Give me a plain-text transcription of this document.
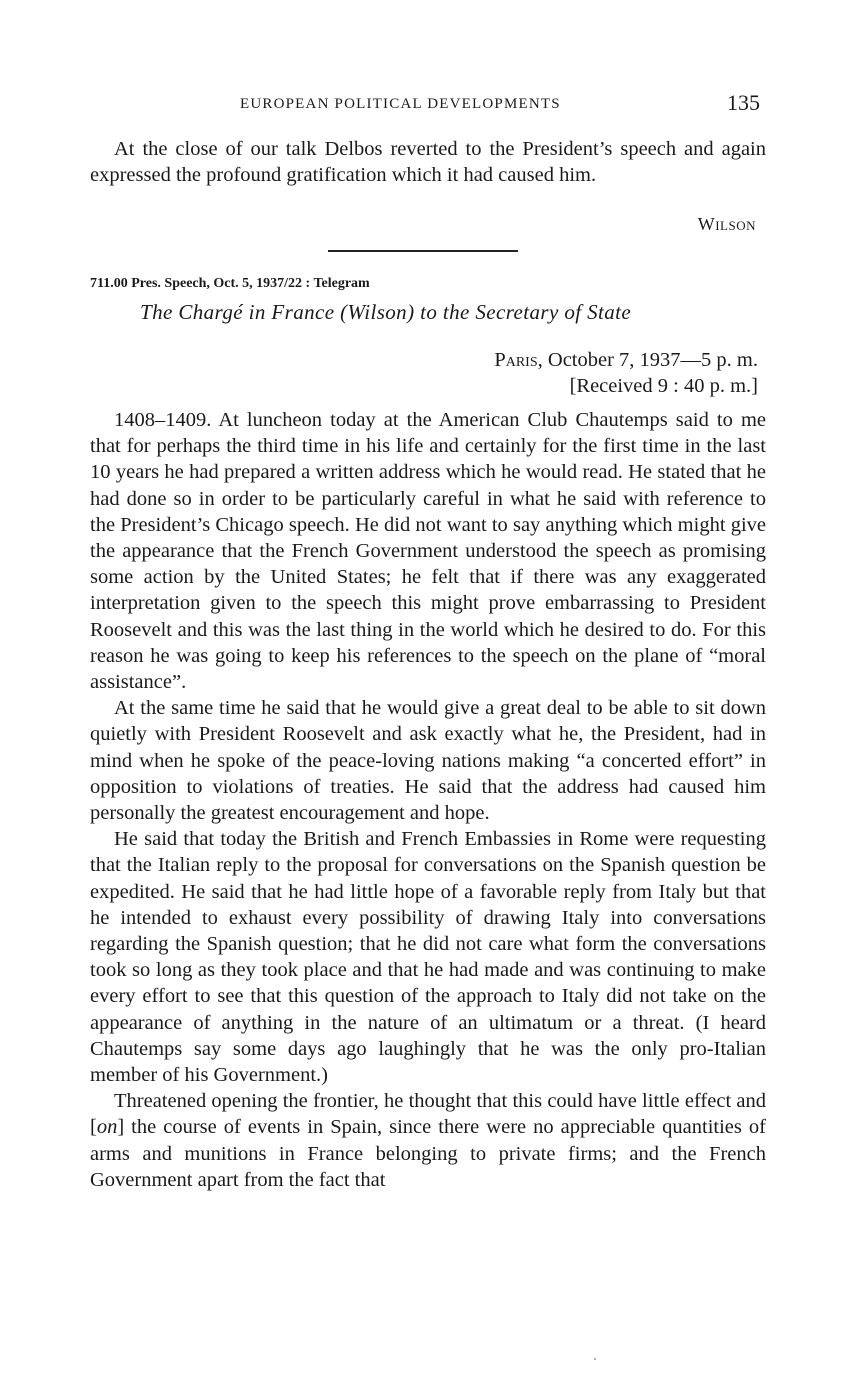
EUROPEAN POLITICAL DEVELOPMENTS	135

At the close of our talk Delbos reverted to the President’s speech and again expressed the profound gratification which it had caused him.

Wilson
711.00 Pres. Speech, Oct. 5, 1937/22 : Telegram
The Chargé in France (Wilson) to the Secretary of State
Paris, October 7, 1937—5 p. m.
[Received 9 : 40 p. m.]

1408–1409. At luncheon today at the American Club Chautemps said to me that for perhaps the third time in his life and certainly for the first time in the last 10 years he had prepared a written address which he would read. He stated that he had done so in order to be particularly careful in what he said with reference to the President’s Chicago speech. He did not want to say anything which might give the appearance that the French Government understood the speech as promising some action by the United States; he felt that if there was any exaggerated interpretation given to the speech this might prove embarrassing to President Roosevelt and this was the last thing in the world which he desired to do. For this reason he was going to keep his references to the speech on the plane of “moral assistance”.

At the same time he said that he would give a great deal to be able to sit down quietly with President Roosevelt and ask exactly what he, the President, had in mind when he spoke of the peace-loving nations making “a concerted effort” in opposition to violations of treaties. He said that the address had caused him personally the greatest encouragement and hope.

He said that today the British and French Embassies in Rome were requesting that the Italian reply to the proposal for conversations on the Spanish question be expedited. He said that he had little hope of a favorable reply from Italy but that he intended to exhaust every possibility of drawing Italy into conversations regarding the Spanish question; that he did not care what form the conversations took so long as they took place and that he had made and was continuing to make every effort to see that this question of the approach to Italy did not take on the appearance of anything in the nature of an ultimatum or a threat. (I heard Chautemps say some days ago laughingly that he was the only pro-Italian member of his Government.)

Threatened opening the frontier, he thought that this could have little effect and [on] the course of events in Spain, since there were no appreciable quantities of arms and munitions in France belonging to private firms; and the French Government apart from the fact that
